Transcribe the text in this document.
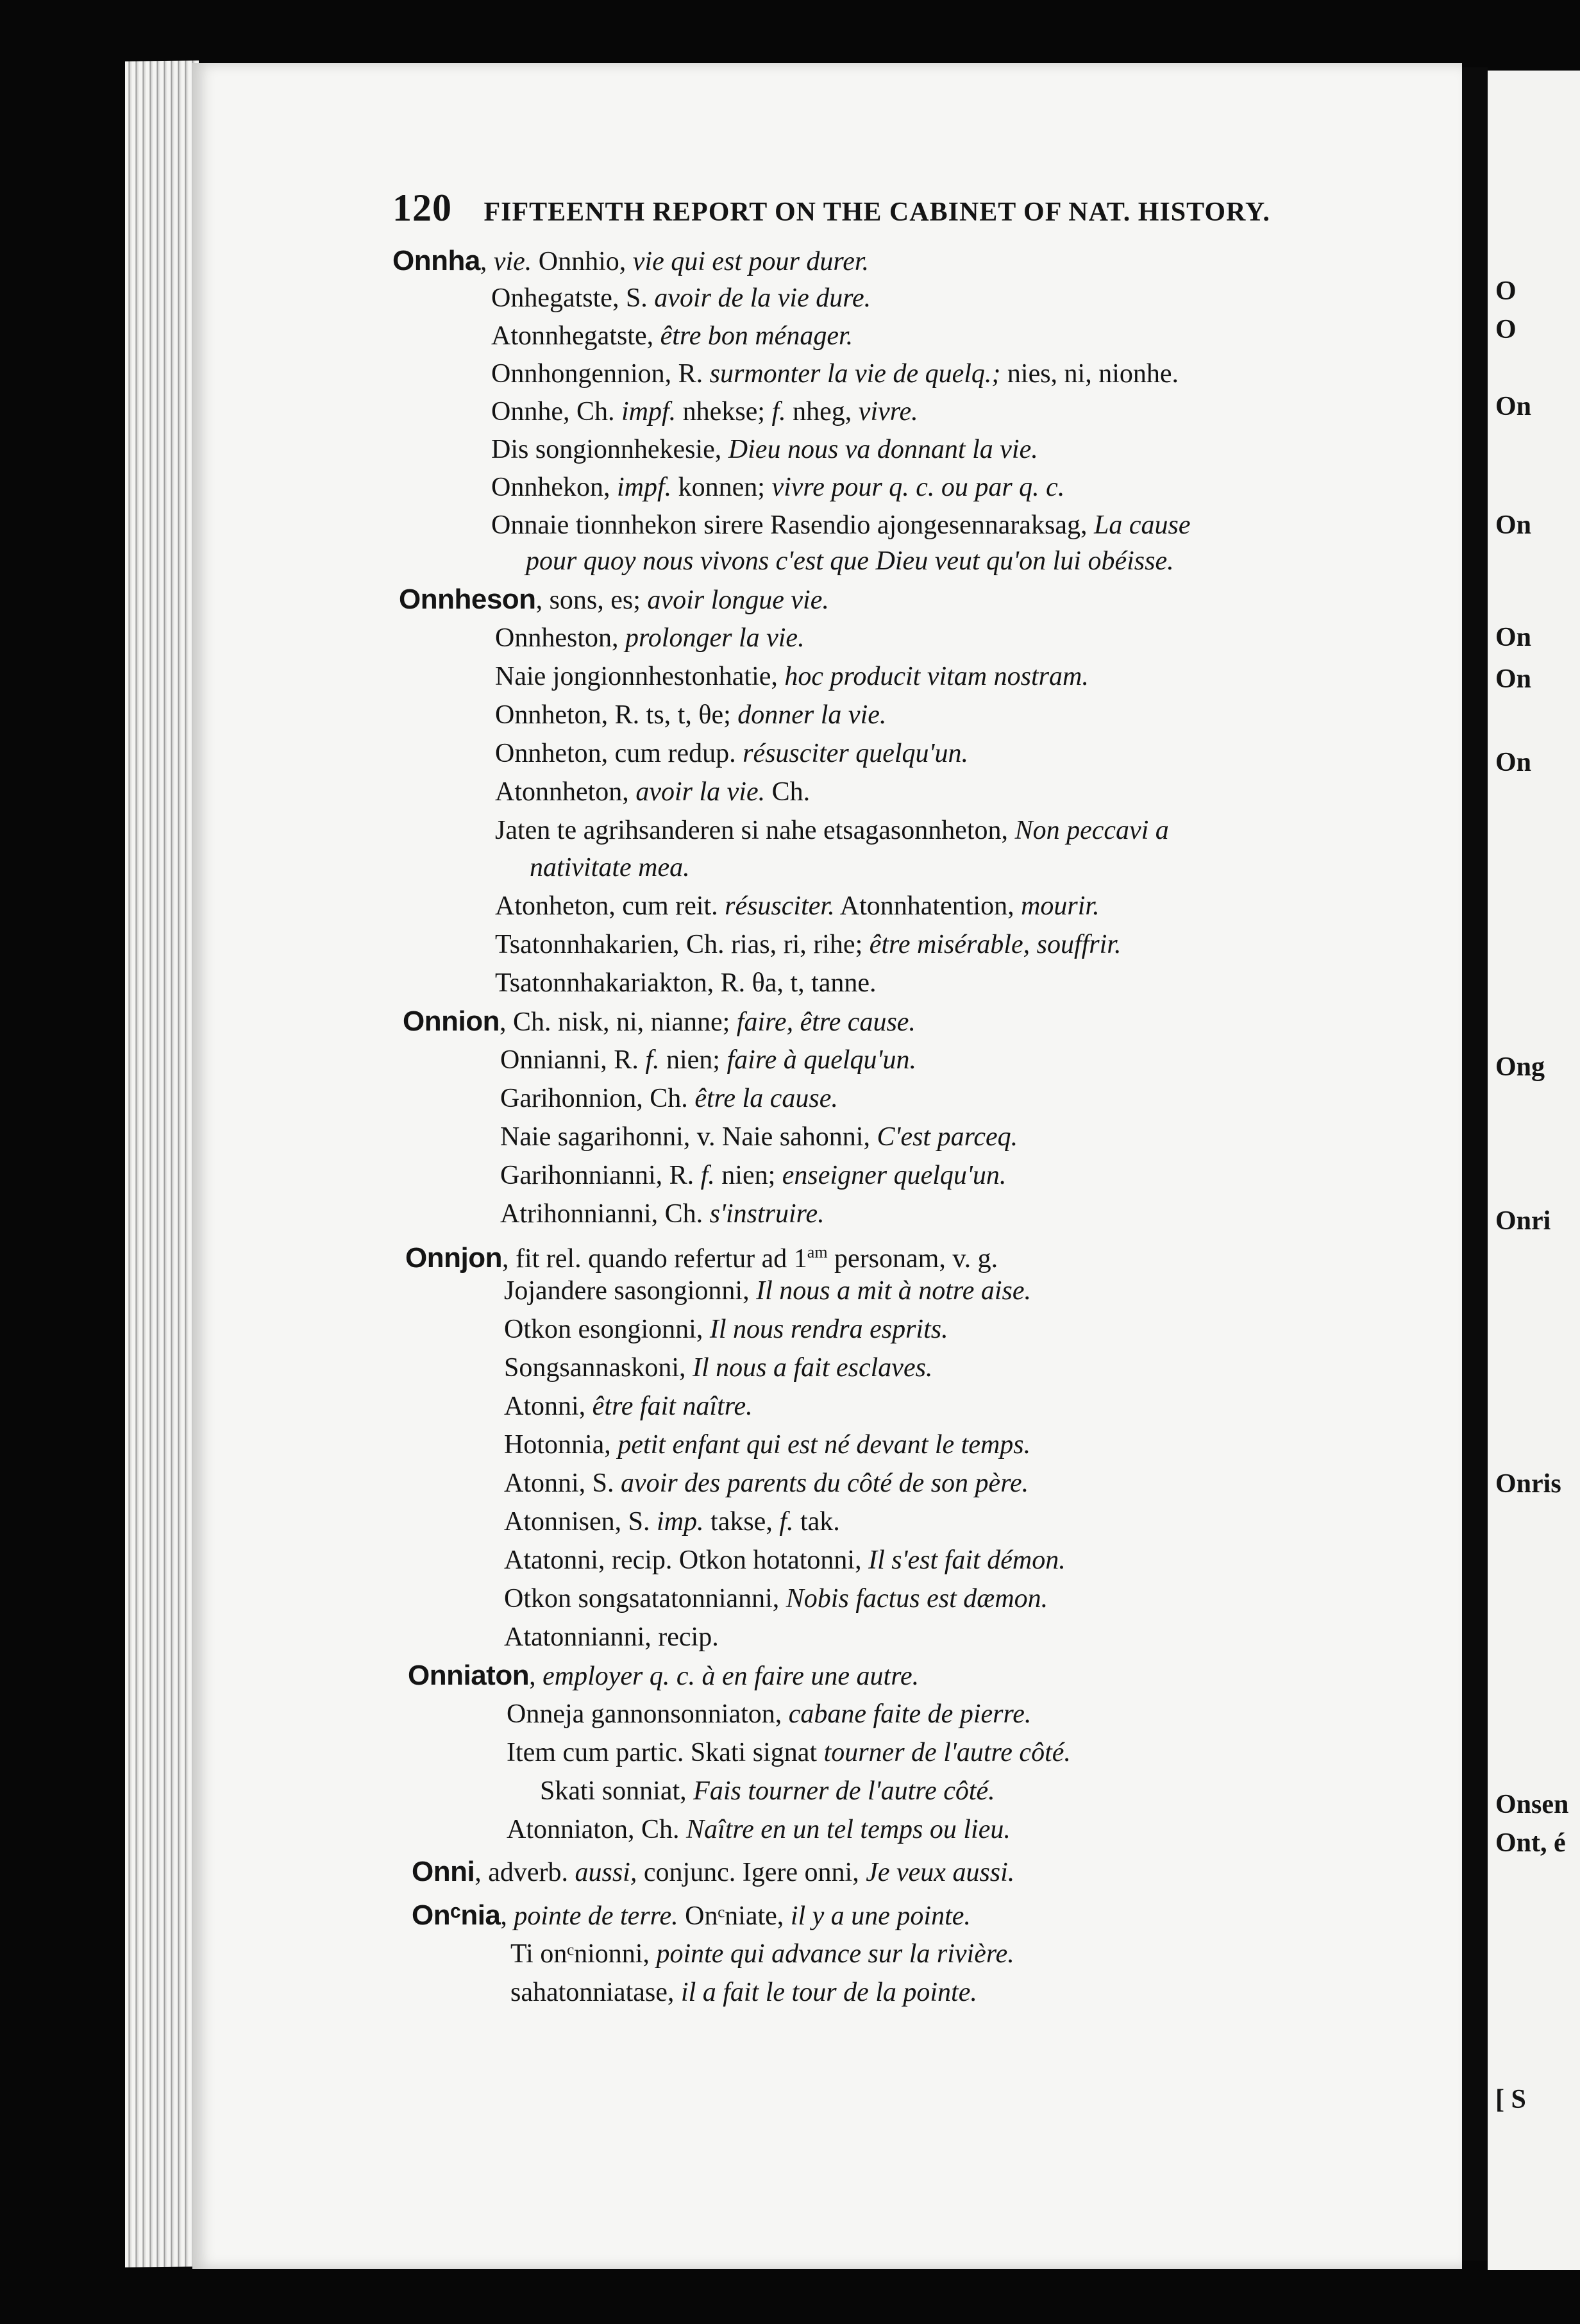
120 FIFTEENTH REPORT ON THE CABINET OF NAT. HISTORY.
Onnha, vie. Onnhio, vie qui est pour durer.
Onhegatste, S. avoir de la vie dure.
Atonnhegatste, être bon ménager.
Onnhongennion, R. surmonter la vie de quelq.; nies, ni, nionhe.
Onnhe, Ch. impf. nhekse; f. nheg, vivre.
Dis songionnhekesie, Dieu nous va donnant la vie.
Onnhekon, impf. konnen; vivre pour q. c. ou par q. c.
Onnaie tionnhekon sirere Rasendio ajongesennaraksag, La cause
pour quoy nous vivons c'est que Dieu veut qu'on lui obéisse.
Onnheson, sons, es; avoir longue vie.
Onnheston, prolonger la vie.
Naie jongionnhestonhatie, hoc producit vitam nostram.
Onnheton, R. ts, t, θe; donner la vie.
Onnheton, cum redup. résusciter quelqu'un.
Atonnheton, avoir la vie. Ch.
Jaten te agrihsanderen si nahe etsagasonnheton, Non peccavi a
nativitate mea.
Atonheton, cum reit. résusciter. Atonnhatention, mourir.
Tsatonnhakarien, Ch. rias, ri, rihe; être misérable, souffrir.
Tsatonnhakariakton, R. θa, t, tanne.
Onnion, Ch. nisk, ni, nianne; faire, être cause.
Onnianni, R. f. nien; faire à quelqu'un.
Garihonnion, Ch. être la cause.
Naie sagarihonni, v. Naie sahonni, C'est parceq.
Garihonnianni, R. f. nien; enseigner quelqu'un.
Atrihonnianni, Ch. s'instruire.
Onnjon, fit rel. quando refertur ad $1^{am}$ personam, v. g.
Jojandere sasongionni, Il nous a mit à notre aise.
Otkon esongionni, Il nous rendra esprits.
Songsannaskoni, Il nous a fait esclaves.
Atonni, être fait naître.
Hotonnia, petit enfant qui est né devant le temps.
Atonni, S. avoir des parents du côté de son père.
Atonnisen, S. imp. takse, f. tak.
Atatonni, recip. Otkon hotatonni, Il s'est fait démon.
Otkon songsatatonnianni, Nobis factus est dæmon.
Atatonnianni, recip.
Onniaton, employer q. c. à en faire une autre.
Onneja gannonsonniaton, cabane faite de pierre.
Item cum partic. Skati signat tourner de l'autre côté.
Skati sonniat, Fais tourner de l'autre côté.
Atonniaton, Ch. Naître en un tel temps ou lieu.
Onni, adverb. aussi, conjunc. Igere onni, Je veux aussi.
Onᶜnia, pointe de terre. Onᶜniate, il y a une pointe.
Ti onᶜnionni, pointe qui advance sur la rivière.
sahatonniatase, il a fait le tour de la pointe.
O
O
On
On
On
On
On
Ong
Onri
Onris
Onsen
Ont, é
[ S
